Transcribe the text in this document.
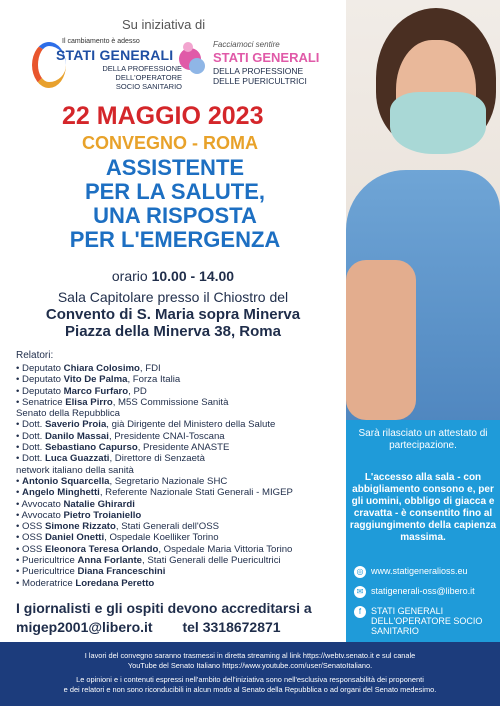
Su iniziativa di
Il cambiamento è adesso
STATI GENERALI
DELLA PROFESSIONE
DELL'OPERATORE
SOCIO SANITARIO
Facciamoci sentire
STATI GENERALI
DELLA PROFESSIONE
DELLE PUERICULTRICI
22 MAGGIO 2023
CONVEGNO - ROMA
ASSISTENTE
PER LA SALUTE,
UNA RISPOSTA
PER L'EMERGENZA
orario 10.00 - 14.00
Sala Capitolare presso il Chiostro del
Convento di S. Maria sopra Minerva
Piazza della Minerva 38, Roma
Relatori:
• Deputato Chiara Colosimo, FDI
• Deputato Vito De Palma, Forza Italia
• Deputato Marco Furfaro, PD
• Senatrice Elisa Pirro, M5S Commissione Sanità
Senato della Repubblica
• Dott. Saverio Proia, già Dirigente del Ministero della Salute
• Dott. Danilo Massai, Presidente CNAI-Toscana
• Dott. Sebastiano Capurso, Presidente ANASTE
• Dott. Luca Guazzati, Direttore di Senzaetà
network italiano della sanità
• Antonio Squarcella, Segretario Nazionale SHC
• Angelo Minghetti, Referente Nazionale Stati Generali - MIGEP
• Avvocato Natalie Ghirardi
• Avvocato Pietro Troianiello
• OSS Simone Rizzato, Stati Generali dell'OSS
• OSS Daniel Onetti, Ospedale Koelliker Torino
• OSS Eleonora Teresa Orlando, Ospedale Maria Vittoria Torino
• Puericultrice Anna Forlante, Stati Generali delle Puericultrici
• Puericultrice Diana Franceschini
• Moderatrice Loredana Peretto
I giornalisti e gli ospiti devono accreditarsi a
migep2001@libero.it tel 3318672871
Sarà rilasciato un attestato di partecipazione.
L'accesso alla sala - con abbigliamento consono e, per gli uomini, obbligo di giacca e cravatta - è consentito fino al raggiungimento della capienza massima.
◎ www.statigeneralioss.eu
✉ statigenerali-oss@libero.it
f	STATI GENERALI DELL'OPERATORE SOCIO SANITARIO

I lavori del convegno saranno trasmessi in diretta streaming al link https://webtv.senato.it e sul canale

YouTube del Senato Italiano https://www.youtube.com/user/SenatoItaliano.

Le opinioni e i contenuti espressi nell'ambito dell'iniziativa sono nell'esclusiva responsabilità dei proponenti

e dei relatori e non sono riconducibili in alcun modo al Senato della Repubblica o ad organi del Senato medesimo.
